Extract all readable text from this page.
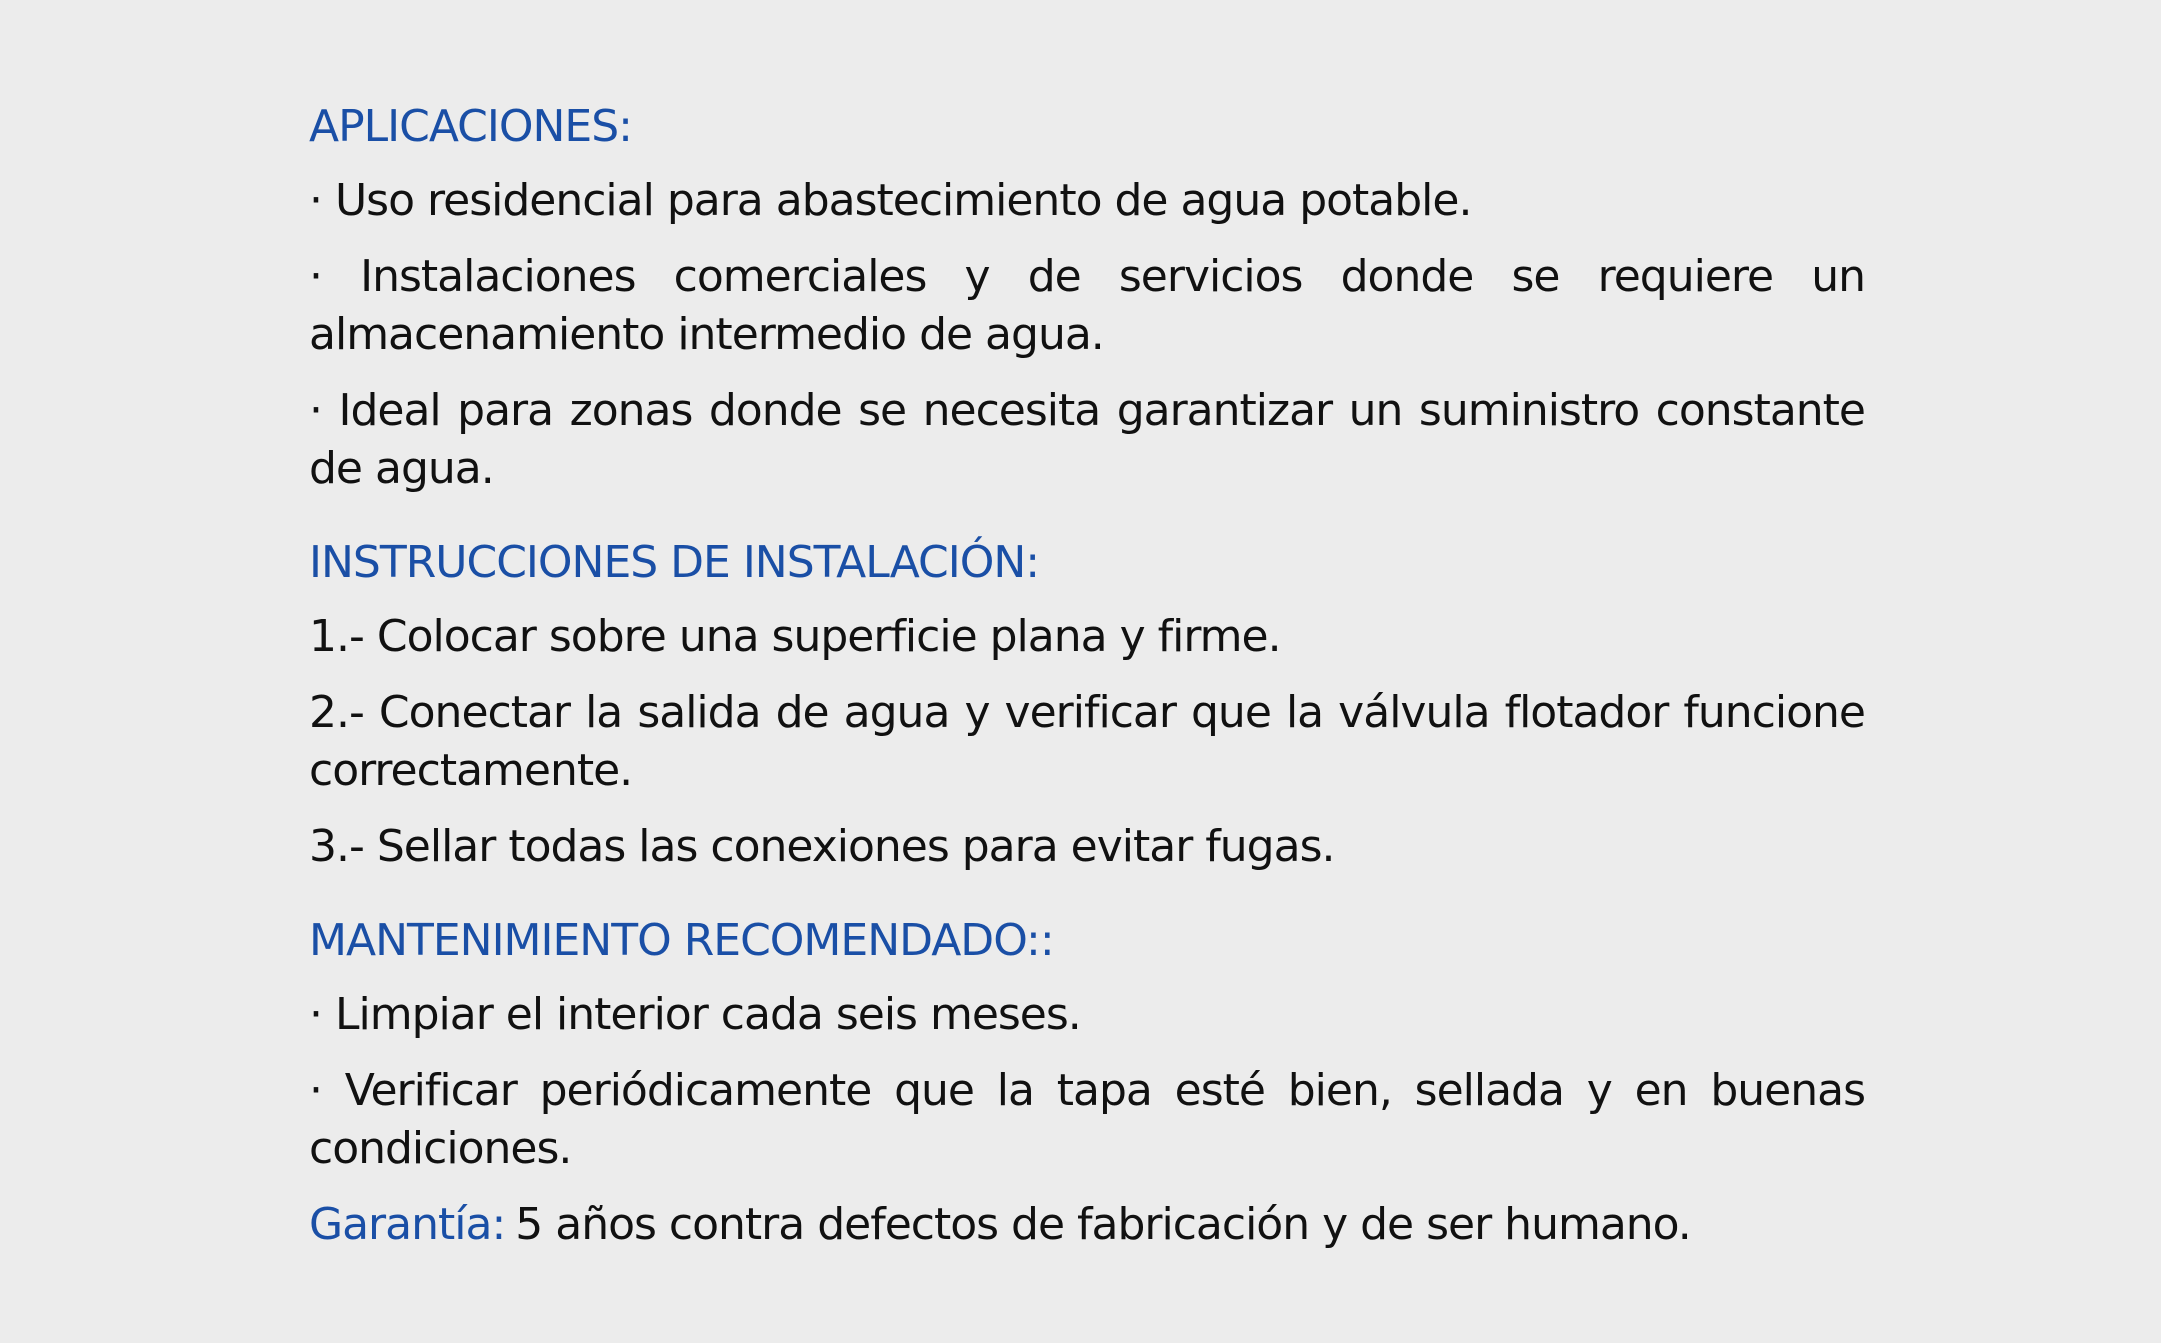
APLICACIONES:
· Uso residencial para abastecimiento de agua potable.
· Instalaciones comerciales y de servicios donde se requiere un almacenamiento intermedio de agua.
· Ideal para zonas donde se necesita garantizar un suministro constante de agua.
INSTRUCCIONES DE INSTALACIÓN:
1.- Colocar sobre una superficie plana y firme.
2.- Conectar la salida de agua y verificar que la válvula flotador funcione correctamente.
3.- Sellar todas las conexiones para evitar fugas.
MANTENIMIENTO RECOMENDADO::
· Limpiar el interior cada seis meses.
· Verificar periódicamente que la tapa esté bien, sellada y en buenas condiciones.
Garantía: 5 años contra defectos de fabricación y de ser humano.
